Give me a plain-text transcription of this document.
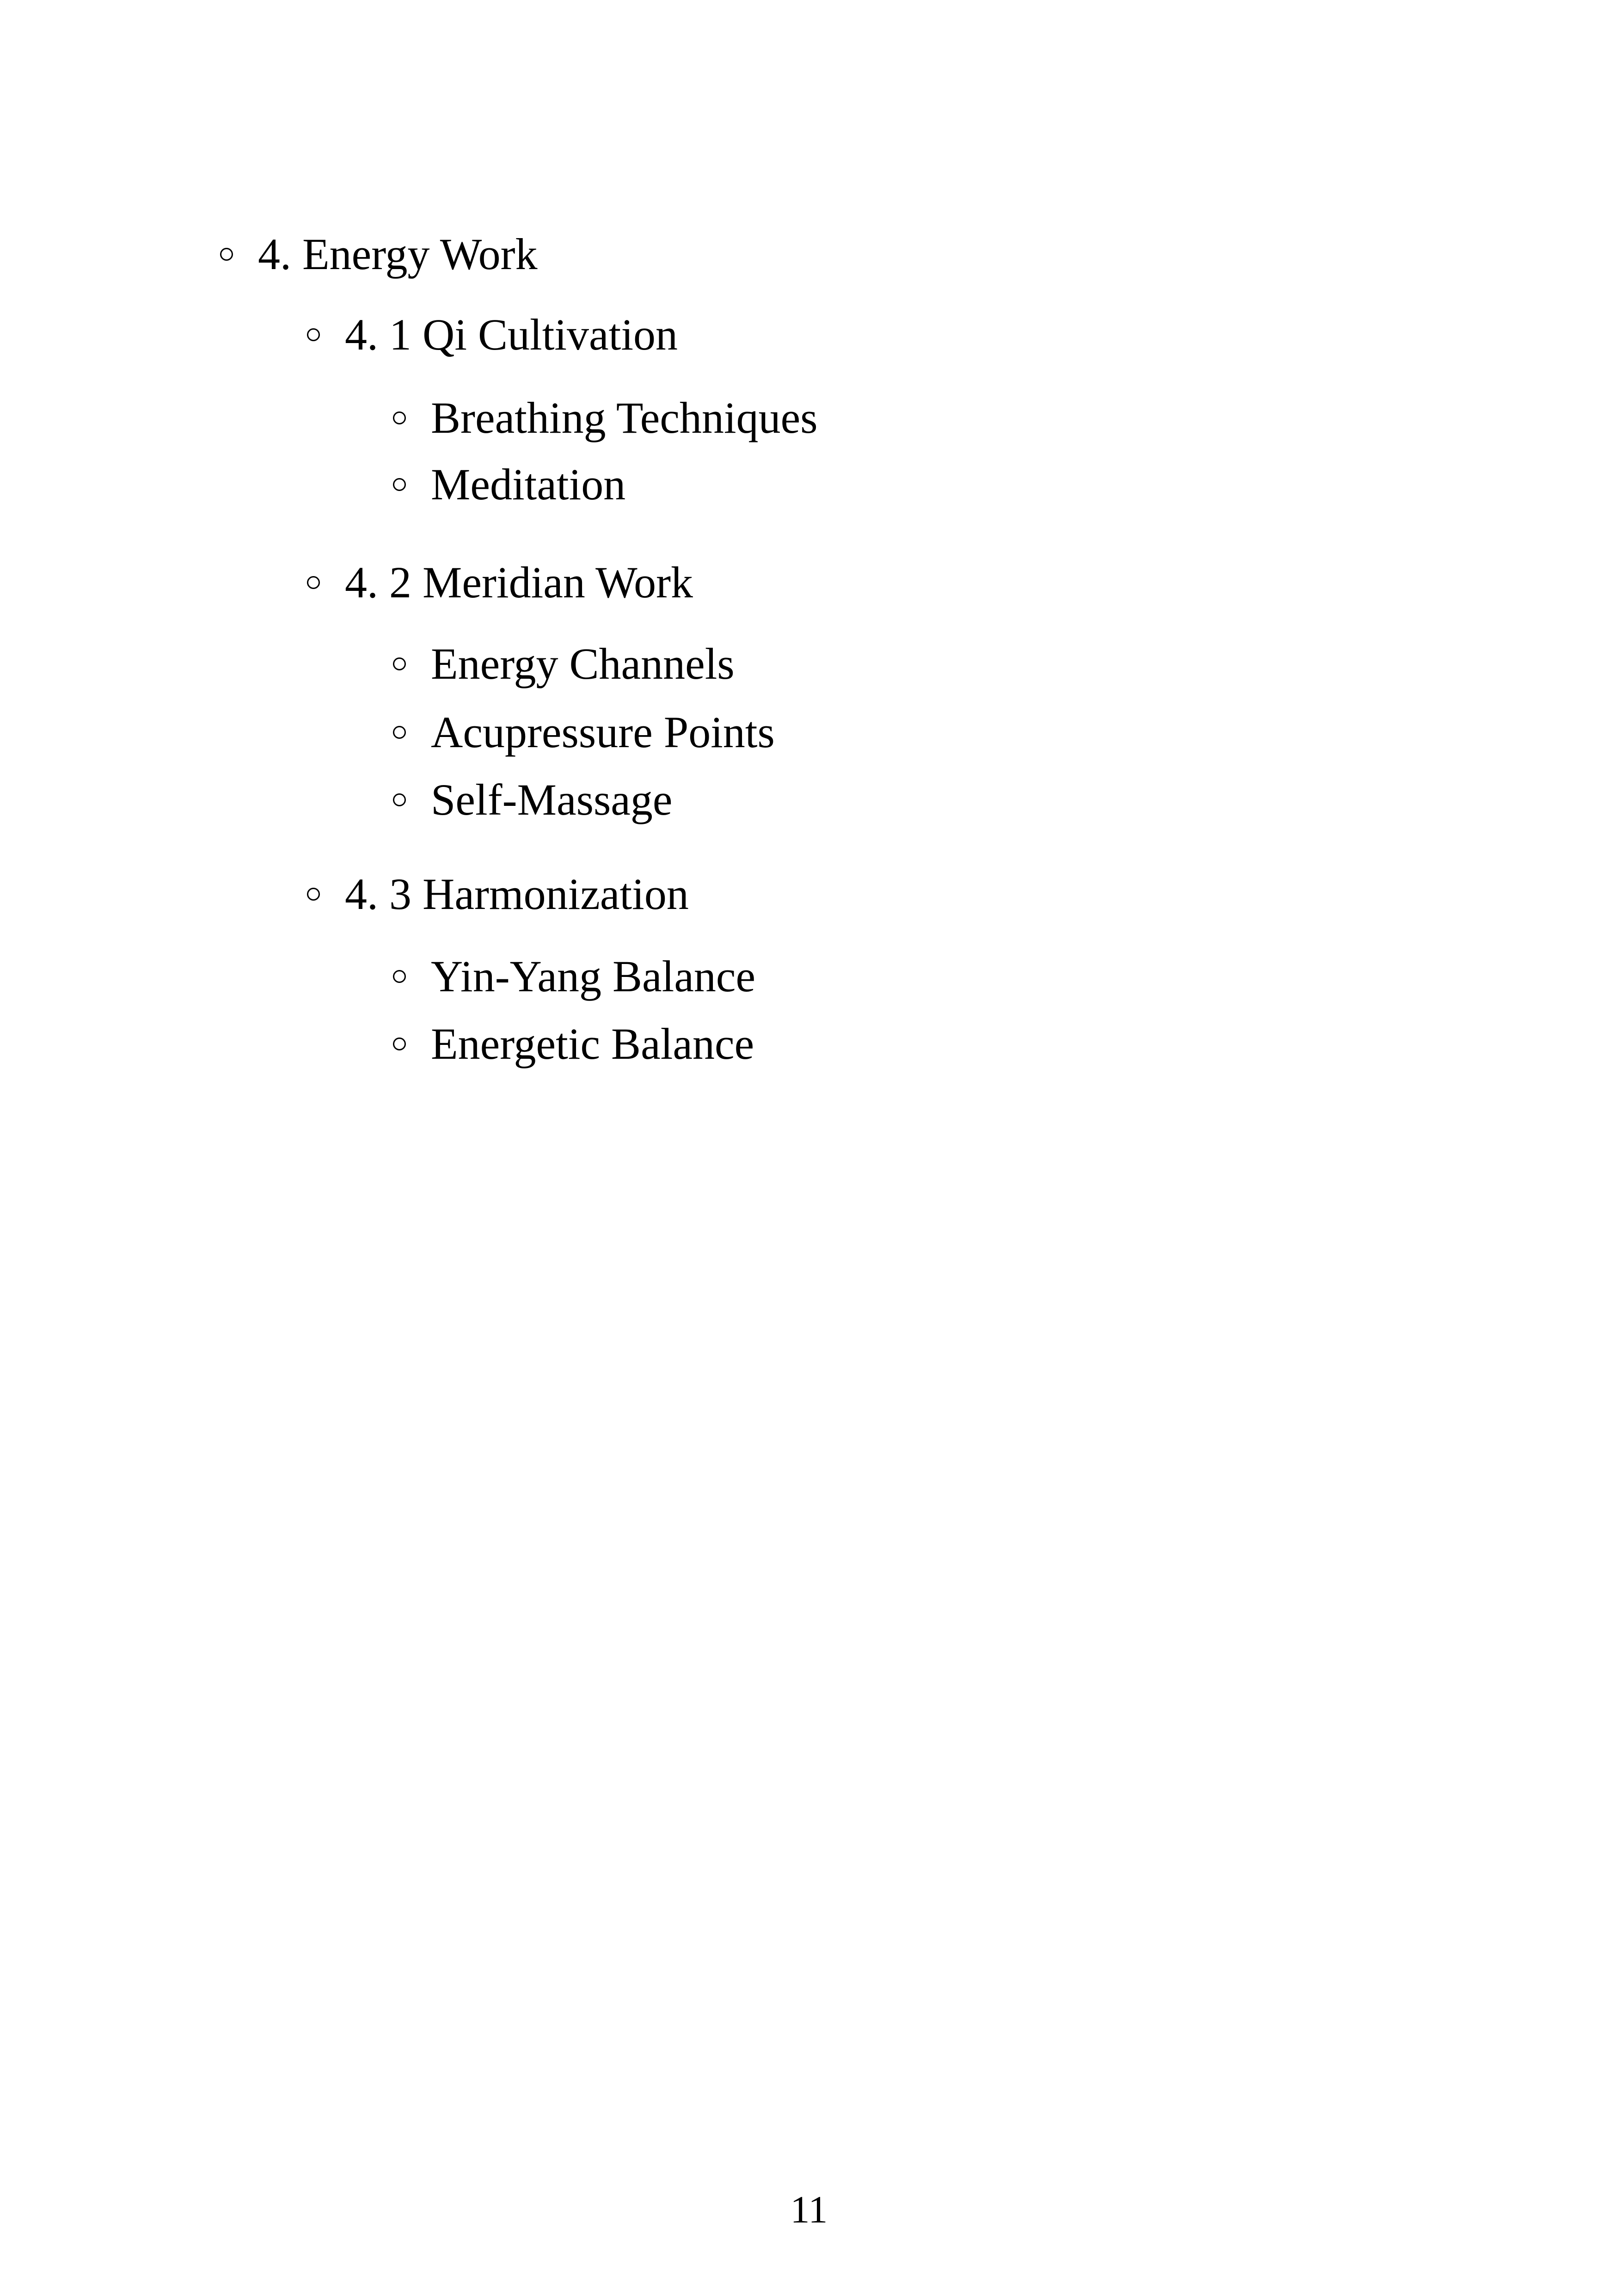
4. Energy Work
4. 1 Qi Cultivation
Breathing Techniques
Meditation
4. 2 Meridian Work
Energy Channels
Acupressure Points
Self-Massage
4. 3 Harmonization
Yin-Yang Balance
Energetic Balance
11
